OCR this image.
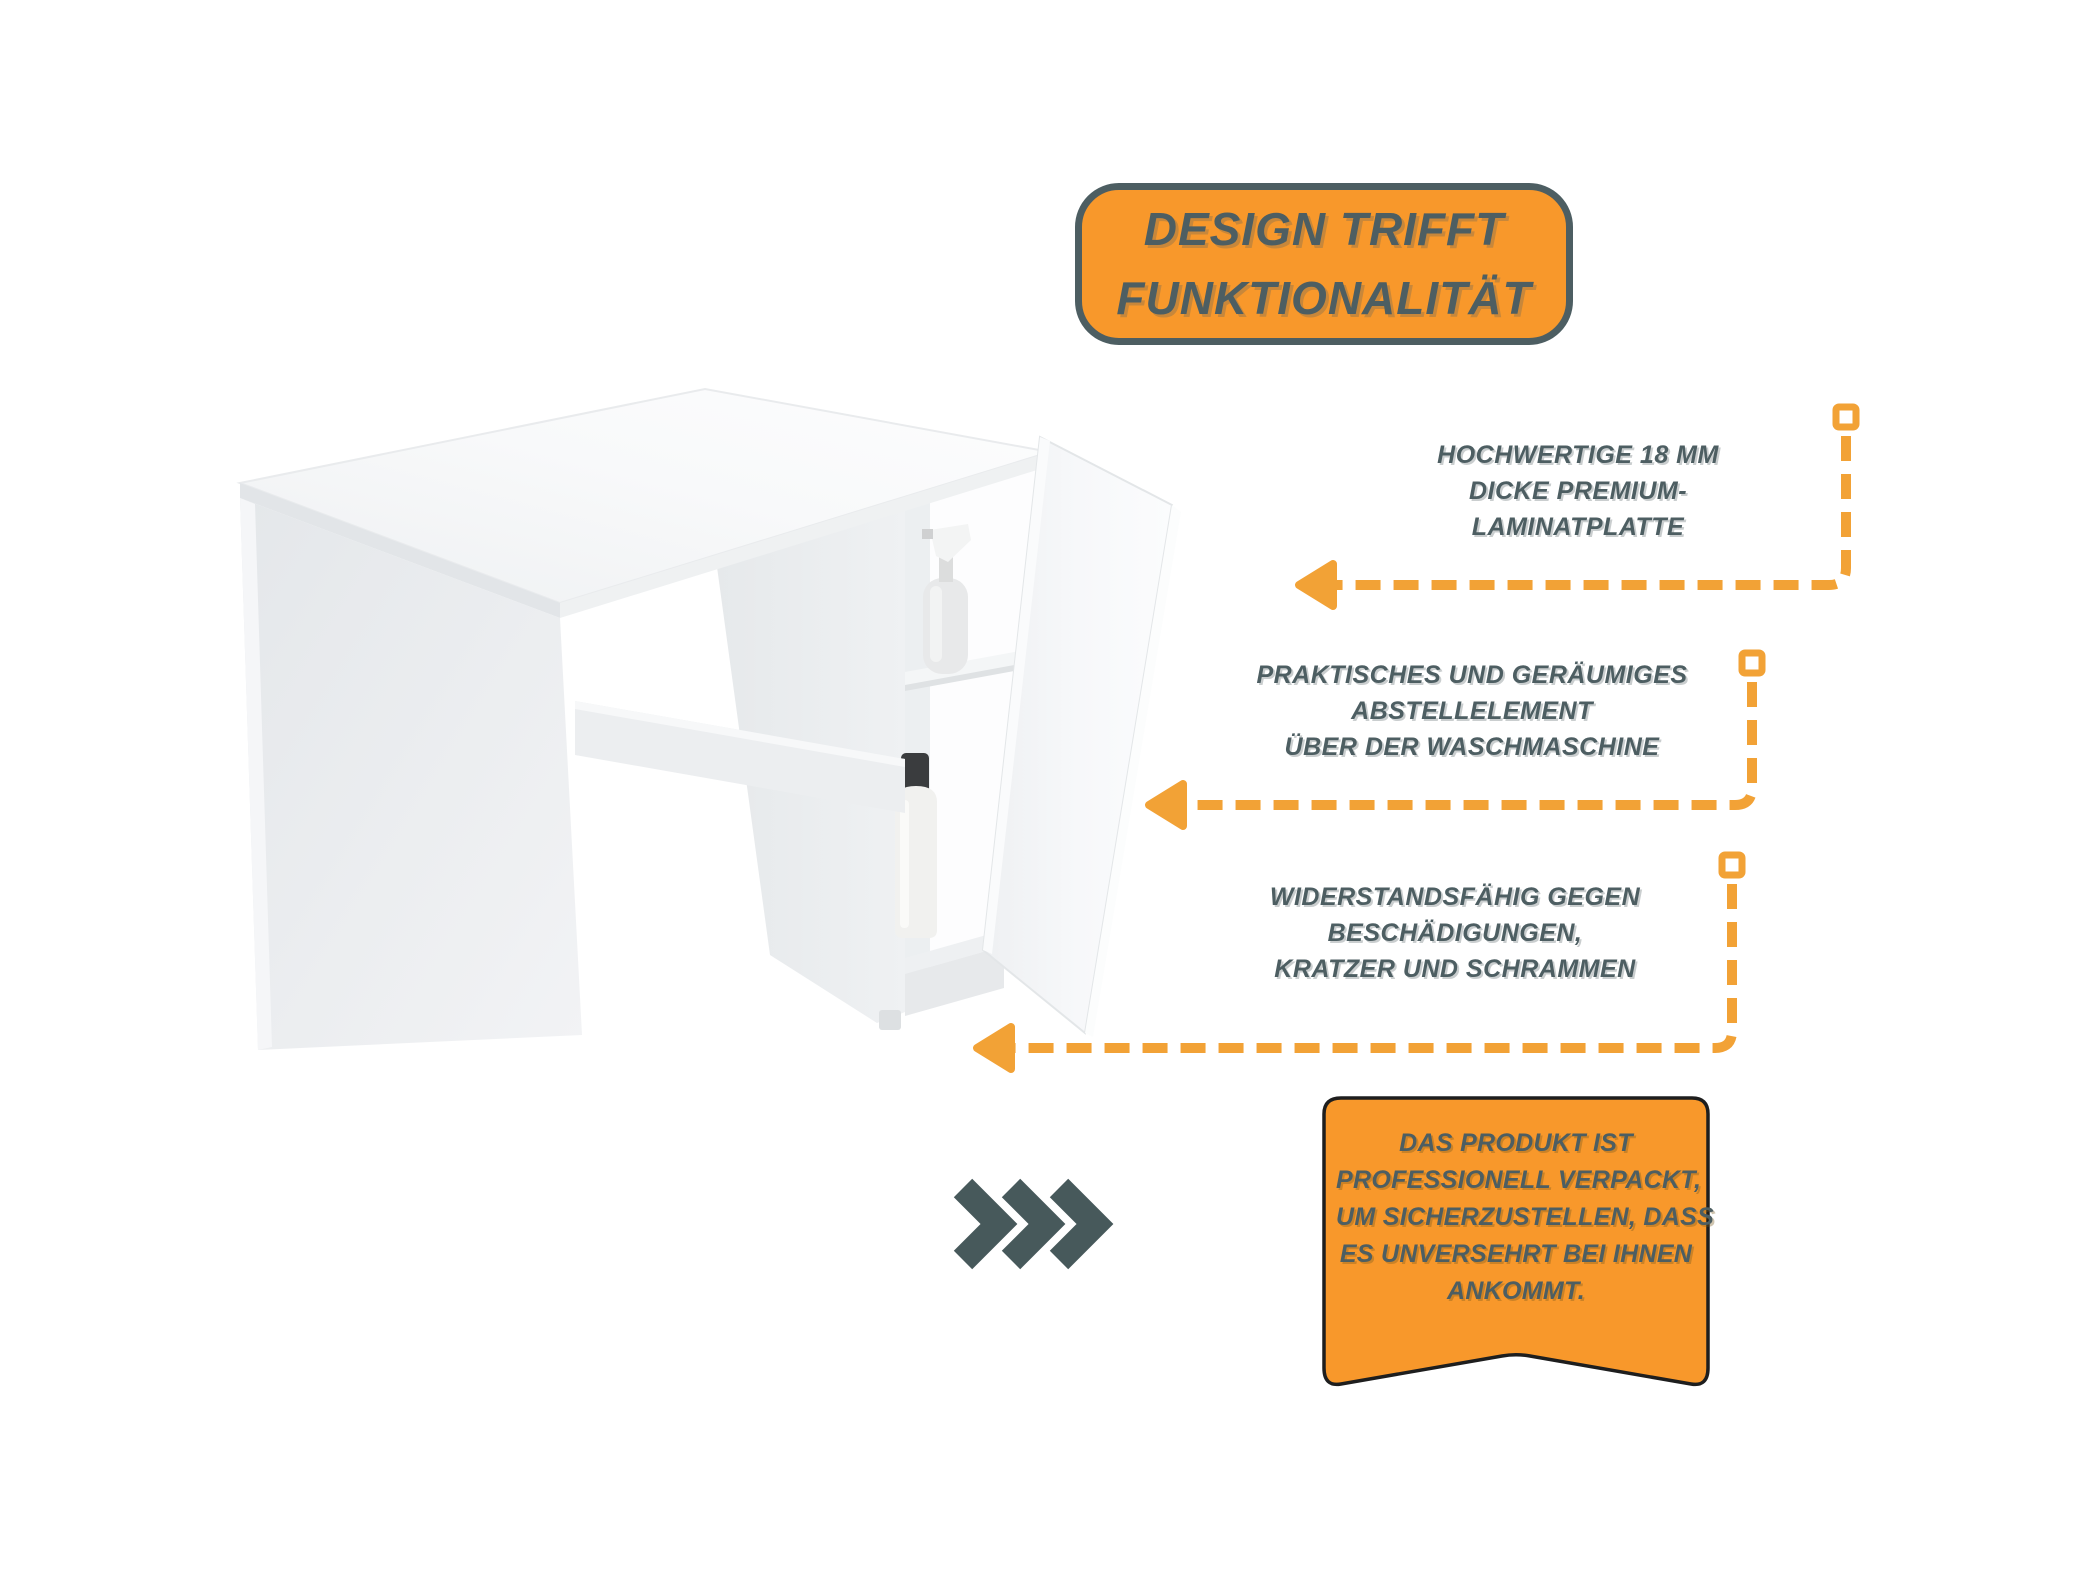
DESIGN TRIFFT
FUNKTIONALITÄT
HOCHWERTIGE 18 MM
DICKE PREMIUM-
LAMINATPLATTE
PRAKTISCHES UND GERÄUMIGES
ABSTELLELEMENT
ÜBER DER WASCHMASCHINE
WIDERSTANDSFÄHIG GEGEN
BESCHÄDIGUNGEN,
KRATZER UND SCHRAMMEN
DAS PRODUKT IST
PROFESSIONELL VERPACKT,
UM SICHERZUSTELLEN, DASS
ES UNVERSEHRT BEI IHNEN
ANKOMMT.
